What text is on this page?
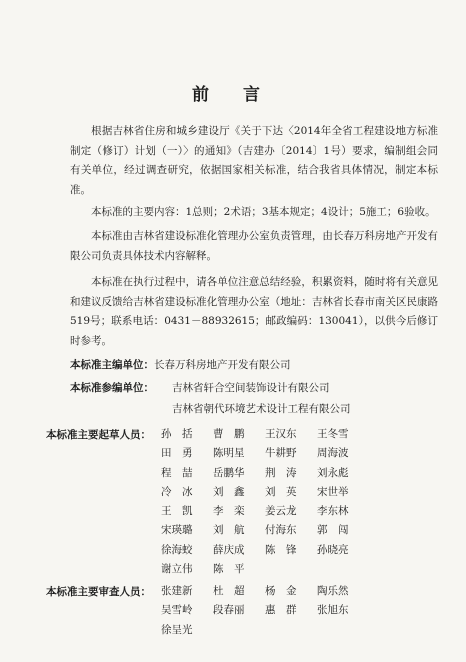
前 言

根据吉林省住房和城乡建设厅《关于下达〈2014年全省工程建设地方标准制定（修订）计划（一）〉的通知》（吉建办〔2014〕1号）要求，编制组会同有关单位，经过调查研究，依据国家相关标准，结合我省具体情况，制定本标准。

本标准的主要内容：1总则；2术语；3基本规定；4设计；5施工；6验收。

本标准由吉林省建设标准化管理办公室负责管理，由长春万科房地产开发有限公司负责具体技术内容解释。

本标准在执行过程中，请各单位注意总结经验，积累资料，随时将有关意见和建议反馈给吉林省建设标准化管理办公室（地址：吉林省长春市南关区民康路519号；联系电话：0431－88932615；邮政编码：130041），以供今后修订时参考。

本标准主编单位：长春万科房地产开发有限公司
本标准参编单位： 吉林省轩合空间装饰设计有限公司
吉林省朝代环境艺术设计工程有限公司
本标准主要起草人员： 孙　括	曹　鹏	王汉东	王冬雪
田　勇	陈明星	牛耕野	周海波
程　喆	岳鹏华	荆　涛	刘永彪
冷　冰	刘　鑫	刘　英	宋世举
王　凯	李　栾	姜云龙	李东林
宋瑛璐	刘　航	付海东	郭　闯
徐海蛟	薛庆成	陈　锋	孙晓亮
谢立伟	陈　平
本标准主要审查人员： 张建新	杜　超	杨　金	陶乐然
吴雪岭	段春丽	惠　群	张旭东
徐呈光
